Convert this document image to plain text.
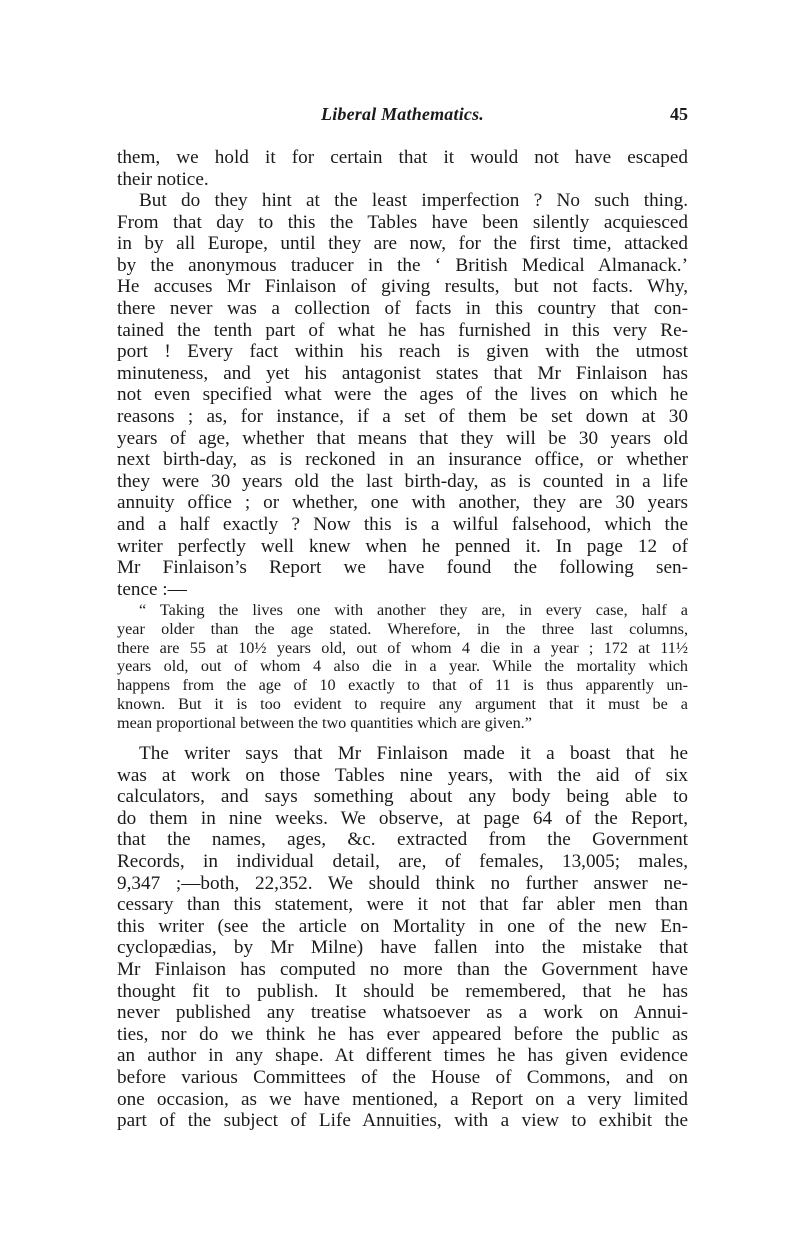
Liberal Mathematics.	45
them, we hold it for certain that it would not have escaped
their notice.
But do they hint at the least imperfection ? No such thing.
From that day to this the Tables have been silently acquiesced
in by all Europe, until they are now, for the first time, attacked
by the anonymous traducer in the ‘ British Medical Almanack.’
He accuses Mr Finlaison of giving results, but not facts. Why,
there never was a collection of facts in this country that con-
tained the tenth part of what he has furnished in this very Re-
port ! Every fact within his reach is given with the utmost
minuteness, and yet his antagonist states that Mr Finlaison has
not even specified what were the ages of the lives on which he
reasons ; as, for instance, if a set of them be set down at 30
years of age, whether that means that they will be 30 years old
next birth-day, as is reckoned in an insurance office, or whether
they were 30 years old the last birth-day, as is counted in a life
annuity office ; or whether, one with another, they are 30 years
and a half exactly ? Now this is a wilful falsehood, which the
writer perfectly well knew when he penned it. In page 12 of
Mr Finlaison’s Report we have found the following sen-
tence :—
“ Taking the lives one with another they are, in every case, half a
year older than the age stated. Wherefore, in the three last columns,
there are 55 at 10½ years old, out of whom 4 die in a year ; 172 at 11½
years old, out of whom 4 also die in a year. While the mortality which
happens from the age of 10 exactly to that of 11 is thus apparently un-
known. But it is too evident to require any argument that it must be a
mean proportional between the two quantities which are given.”
The writer says that Mr Finlaison made it a boast that he
was at work on those Tables nine years, with the aid of six
calculators, and says something about any body being able to
do them in nine weeks. We observe, at page 64 of the Report,
that the names, ages, &c. extracted from the Government
Records, in individual detail, are, of females, 13,005; males,
9,347 ;—both, 22,352. We should think no further answer ne-
cessary than this statement, were it not that far abler men than
this writer (see the article on Mortality in one of the new En-
cyclopædias, by Mr Milne) have fallen into the mistake that
Mr Finlaison has computed no more than the Government have
thought fit to publish. It should be remembered, that he has
never published any treatise whatsoever as a work on Annui-
ties, nor do we think he has ever appeared before the public as
an author in any shape. At different times he has given evidence
before various Committees of the House of Commons, and on
one occasion, as we have mentioned, a Report on a very limited
part of the subject of Life Annuities, with a view to exhibit the
